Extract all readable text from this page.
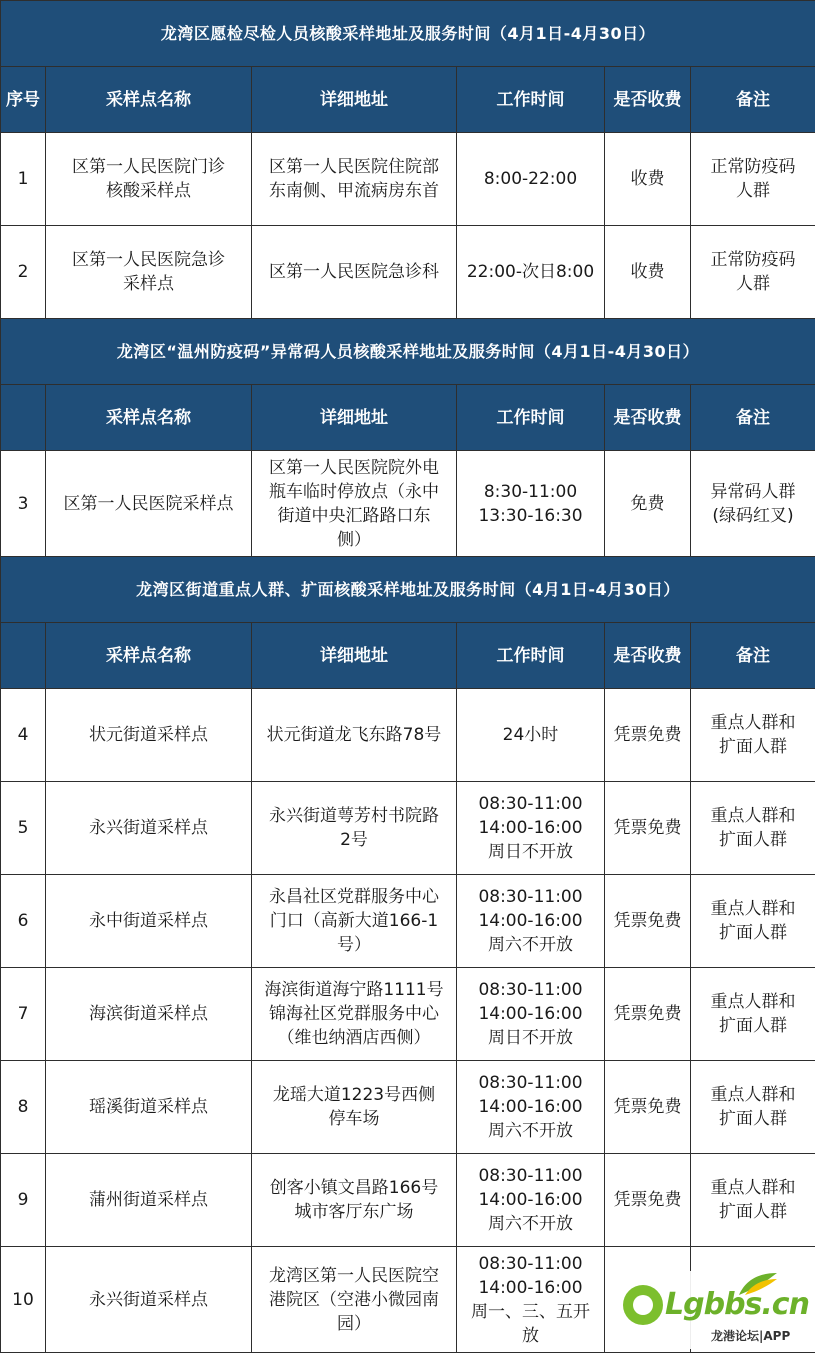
龙湾区愿检尽检人员核酸采样地址及服务时间（4月1日-4月30日）					
序号	采样点名称	详细地址	工作时间	是否收费	备注
1	区第一人民医院门诊
核酸采样点	区第一人民医院住院部
东南侧、甲流病房东首	8:00-22:00	收费	正常防疫码
人群
2	区第一人民医院急诊
采样点	区第一人民医院急诊科	22:00-次日8:00	收费	正常防疫码
人群
龙湾区“温州防疫码”异常码人员核酸采样地址及服务时间（4月1日-4月30日）					
	采样点名称	详细地址	工作时间	是否收费	备注
3	区第一人民医院采样点	区第一人民医院院外电
瓶车临时停放点（永中
街道中央汇路路口东
侧）	8:30-11:00
13:30-16:30	免费	异常码人群
(绿码红叉)
龙湾区街道重点人群、扩面核酸采样地址及服务时间（4月1日-4月30日）					
	采样点名称	详细地址	工作时间	是否收费	备注
4	状元街道采样点	状元街道龙飞东路78号	24小时	凭票免费	重点人群和
扩面人群
5	永兴街道采样点	永兴街道萼芳村书院路
2号	08:30-11:00
14:00-16:00
周日不开放	凭票免费	重点人群和
扩面人群
6	永中街道采样点	永昌社区党群服务中心
门口（高新大道166-1
号）	08:30-11:00
14:00-16:00
周六不开放	凭票免费	重点人群和
扩面人群
7	海滨街道采样点	海滨街道海宁路1111号
锦海社区党群服务中心
（维也纳酒店西侧）	08:30-11:00
14:00-16:00
周日不开放	凭票免费	重点人群和
扩面人群
8	瑶溪街道采样点	龙瑶大道1223号西侧
停车场	08:30-11:00
14:00-16:00
周六不开放	凭票免费	重点人群和
扩面人群
9	蒲州街道采样点	创客小镇文昌路166号
城市客厅东广场	08:30-11:00
14:00-16:00
周六不开放	凭票免费	重点人群和
扩面人群
10	永兴街道采样点	龙湾区第一人民医院空
港院区（空港小微园南
园）	08:30-11:00
14:00-16:00
周一、三、五开
放		
Lgbbs.cn
龙港论坛|APP
